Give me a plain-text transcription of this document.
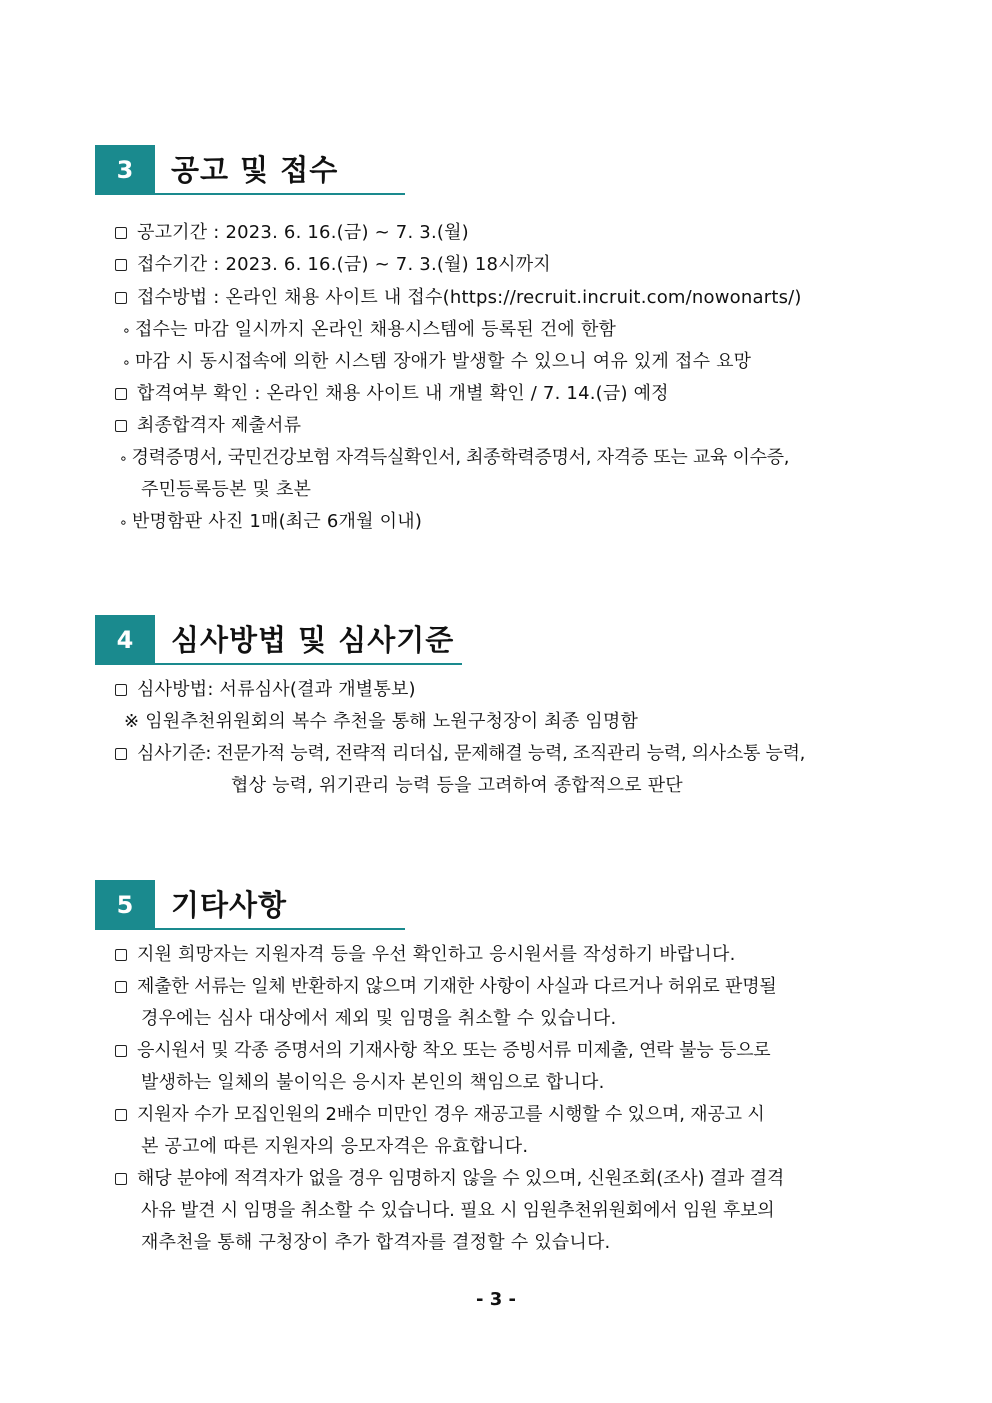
3	공고 및 접수
공고기간 : 2023. 6. 16.(금) ~ 7. 3.(월)
접수기간 : 2023. 6. 16.(금) ~ 7. 3.(월) 18시까지
접수방법 : 온라인 채용 사이트 내 접수(https://recruit.incruit.com/nowonarts/)
∘ 접수는 마감 일시까지 온라인 채용시스템에 등록된 건에 한함
∘ 마감 시 동시접속에 의한 시스템 장애가 발생할 수 있으니 여유 있게 접수 요망
합격여부 확인 : 온라인 채용 사이트 내 개별 확인 / 7. 14.(금) 예정
최종합격자 제출서류
∘ 경력증명서, 국민건강보험 자격득실확인서, 최종학력증명서, 자격증 또는 교육 이수증,
주민등록등본 및 초본
∘ 반명함판 사진 1매(최근 6개월 이내)
4	심사방법 및 심사기준
심사방법: 서류심사(결과 개별통보)
※ 임원추천위원회의 복수 추천을 통해 노원구청장이 최종 임명함
심사기준: 전문가적 능력, 전략적 리더십, 문제해결 능력, 조직관리 능력, 의사소통 능력,
협상 능력, 위기관리 능력 등을 고려하여 종합적으로 판단
5	기타사항
지원 희망자는 지원자격 등을 우선 확인하고 응시원서를 작성하기 바랍니다.
제출한 서류는 일체 반환하지 않으며 기재한 사항이 사실과 다르거나 허위로 판명될
경우에는 심사 대상에서 제외 및 임명을 취소할 수 있습니다.
응시원서 및 각종 증명서의 기재사항 착오 또는 증빙서류 미제출, 연락 불능 등으로
발생하는 일체의 불이익은 응시자 본인의 책임으로 합니다.
지원자 수가 모집인원의 2배수 미만인 경우 재공고를 시행할 수 있으며, 재공고 시
본 공고에 따른 지원자의 응모자격은 유효합니다.
해당 분야에 적격자가 없을 경우 임명하지 않을 수 있으며, 신원조회(조사) 결과 결격
사유 발견 시 임명을 취소할 수 있습니다. 필요 시 임원추천위원회에서 임원 후보의
재추천을 통해 구청장이 추가 합격자를 결정할 수 있습니다.
- 3 -
